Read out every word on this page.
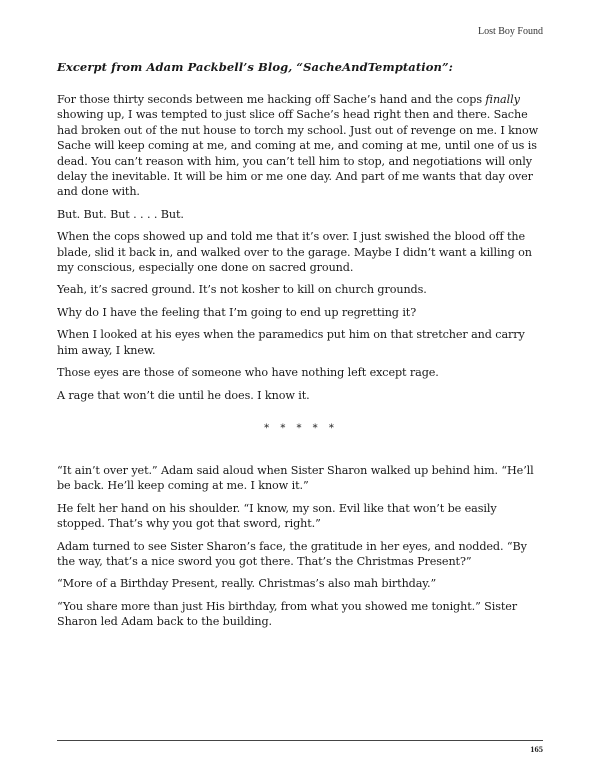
Lost Boy Found

Excerpt from Adam Packbell’s Blog, “SacheAndTemptation”:

For those thirty seconds between me hacking off Sache’s hand and the cops finally showing up, I was tempted to just slice off Sache’s head right then and there. Sache had broken out of the nut house to torch my school. Just out of revenge on me. I know Sache will keep coming at me, and coming at me, and coming at me, until one of us is dead. You can’t reason with him, you can’t tell him to stop, and negotiations will only delay the inevitable. It will be him or me one day. And part of me wants that day over and done with.

But. But. But . . . . But.

When the cops showed up and told me that it’s over. I just swished the blood off the blade, slid it back in, and walked over to the garage. Maybe I didn’t want a killing on my conscious, especially one done on sacred ground.

Yeah, it’s sacred ground. It’s not kosher to kill on church grounds.

Why do I have the feeling that I’m going to end up regretting it?

When I looked at his eyes when the paramedics put him on that stretcher and carry him away, I knew.

Those eyes are those of someone who have nothing left except rage.

A rage that won’t die until he does. I know it.

* * * * *

“It ain’t over yet.” Adam said aloud when Sister Sharon walked up behind him. “He’ll be back. He’ll keep coming at me. I know it.”

He felt her hand on his shoulder. “I know, my son. Evil like that won’t be easily stopped. That’s why you got that sword, right.”

Adam turned to see Sister Sharon’s face, the gratitude in her eyes, and nodded. “By the way, that’s a nice sword you got there. That’s the Christmas Present?”

“More of a Birthday Present, really. Christmas’s also mah birthday.”

“You share more than just His birthday, from what you showed me tonight.” Sister Sharon led Adam back to the building.

165
